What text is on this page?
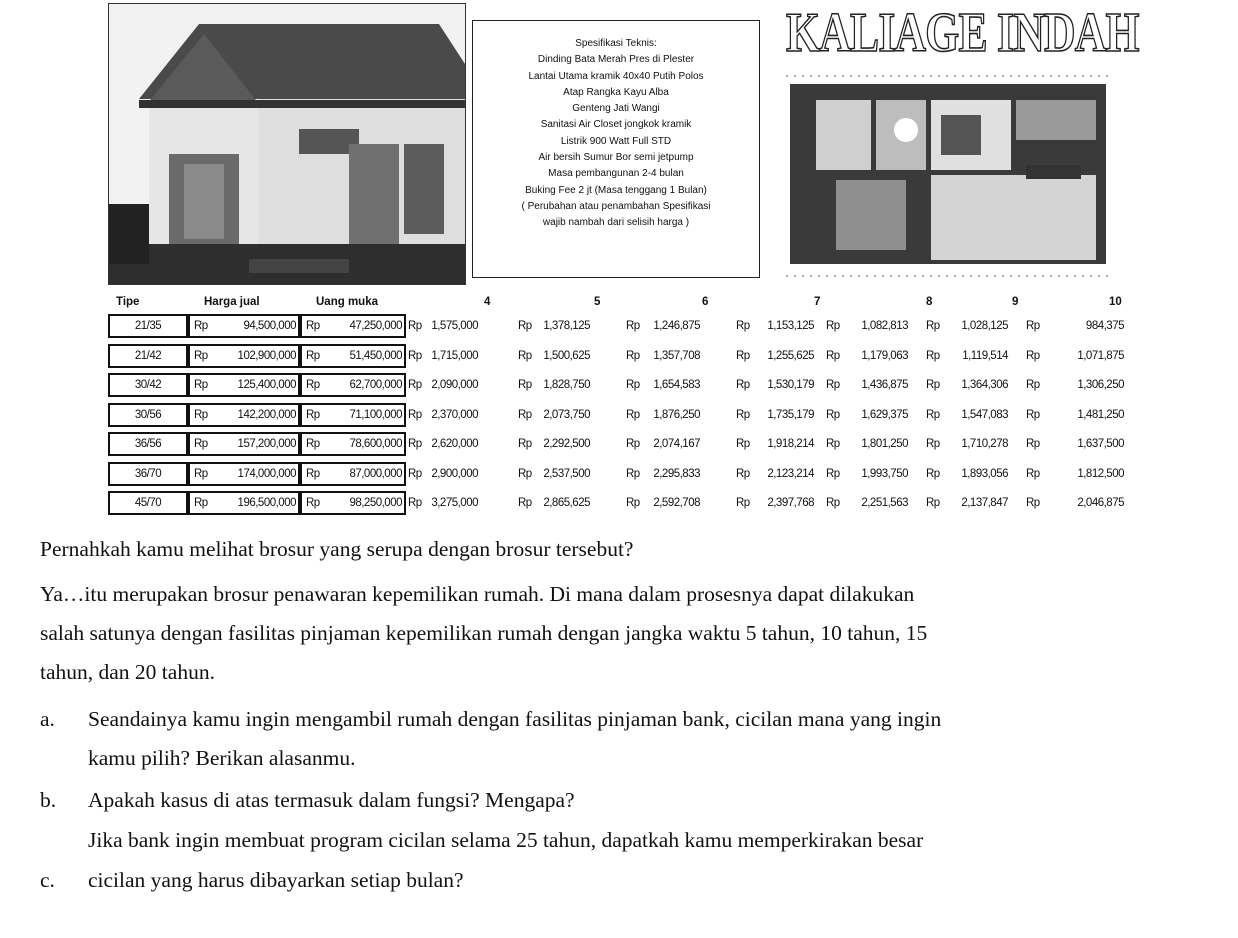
Spesifikasi Teknis:
Dinding Bata Merah Pres di Plester
Lantai Utama kramik 40x40 Putih Polos
Atap Rangka Kayu Alba
Genteng Jati Wangi
Sanitasi Air Closet jongkok kramik
Listrik 900 Watt Full STD
Air bersih Sumur Bor semi jetpump
Masa pembangunan 2-4 bulan
Buking Fee 2 jt (Masa tenggang 1 Bulan)
( Perubahan atau penambahan Spesifikasi
wajib nambah dari selisih harga )
KALIAGE INDAH
Tipe	Harga jual	Uang muka	4	5	6	7	8	9	10
21/35	Rp	94,500,000 Rp	47,250,000 Rp 1,575,000	Rp	1,378,125	Rp	1,246,875	Rp	1,153,125 Rp	1,082,813 Rp	1,028,125 Rp	984,375
21/42	Rp	102,900,000 Rp	51,450,000 Rp 1,715,000	Rp	1,500,625	Rp	1,357,708	Rp	1,255,625 Rp	1,179,063 Rp	1,119,514 Rp	1,071,875
30/42	Rp	125,400,000 Rp	62,700,000 Rp 2,090,000	Rp	1,828,750	Rp	1,654,583	Rp	1,530,179 Rp	1,436,875 Rp	1,364,306 Rp	1,306,250
30/56	Rp	142,200,000 Rp	71,100,000 Rp 2,370,000	Rp	2,073,750	Rp	1,876,250	Rp	1,735,179 Rp	1,629,375 Rp	1,547,083 Rp	1,481,250
36/56	Rp	157,200,000 Rp	78,600,000 Rp 2,620,000	Rp	2,292,500	Rp	2,074,167	Rp	1,918,214 Rp	1,801,250 Rp	1,710,278 Rp	1,637,500
36/70	Rp	174,000,000 Rp	87,000,000 Rp 2,900,000	Rp	2,537,500	Rp	2,295,833	Rp	2,123,214 Rp	1,993,750 Rp	1,893,056 Rp	1,812,500
45/70	Rp	196,500,000 Rp	98,250,000 Rp 3,275,000	Rp	2,865,625	Rp	2,592,708	Rp	2,397,768 Rp	2,251,563 Rp	2,137,847 Rp	2,046,875
Pernahkah kamu melihat brosur yang serupa dengan brosur tersebut?
Ya…itu merupakan brosur penawaran kepemilikan rumah. Di mana dalam prosesnya dapat dilakukan
salah satunya dengan fasilitas pinjaman kepemilikan rumah dengan jangka waktu 5 tahun, 10 tahun, 15
tahun, dan 20 tahun.
a. Seandainya kamu ingin mengambil rumah dengan fasilitas pinjaman bank, cicilan mana yang ingin
kamu pilih? Berikan alasanmu.
b. Apakah kasus di atas termasuk dalam fungsi? Mengapa?
Jika bank ingin membuat program cicilan selama 25 tahun, dapatkah kamu memperkirakan besar
c. cicilan yang harus dibayarkan setiap bulan?
